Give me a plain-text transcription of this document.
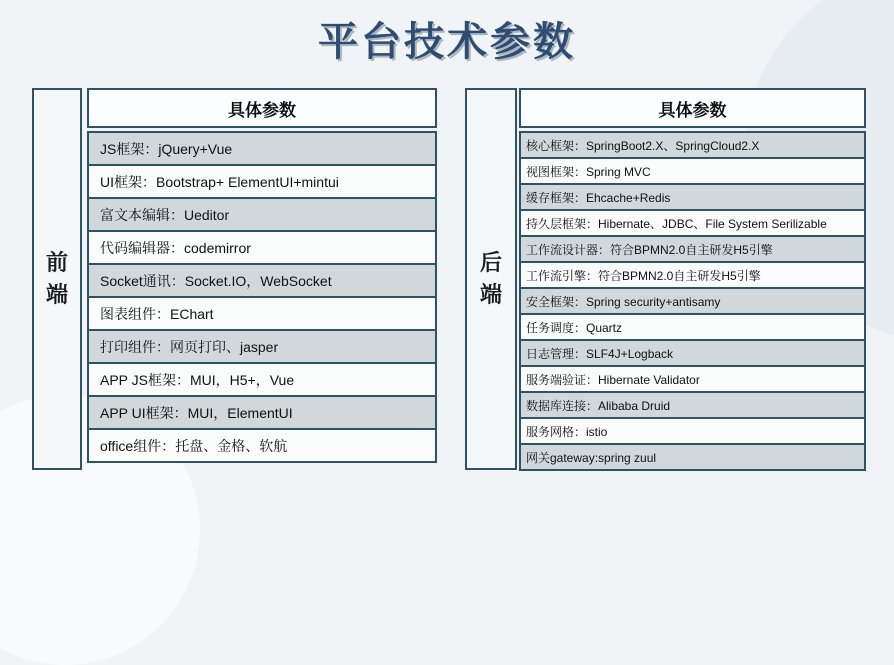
平台技术参数
前端
具体参数
JS框架：jQuery+Vue
UI框架：Bootstrap+ ElementUI+mintui
富文本编辑：Ueditor
代码编辑器：codemirror
Socket通讯：Socket.IO，WebSocket
图表组件：EChart
打印组件：网页打印、jasper
APP JS框架：MUI，H5+，Vue
APP UI框架：MUI，ElementUI
office组件：托盘、金格、软航
后端
具体参数
核心框架：SpringBoot2.X、SpringCloud2.X
视图框架：Spring MVC
缓存框架：Ehcache+Redis
持久层框架：Hibernate、JDBC、File System Serilizable
工作流设计器：符合BPMN2.0自主研发H5引擎
工作流引擎：符合BPMN2.0自主研发H5引擎
安全框架：Spring security+antisamy
任务调度：Quartz
日志管理：SLF4J+Logback
服务端验证：Hibernate Validator
数据库连接：Alibaba Druid
服务网格：istio
网关gateway:spring zuul
